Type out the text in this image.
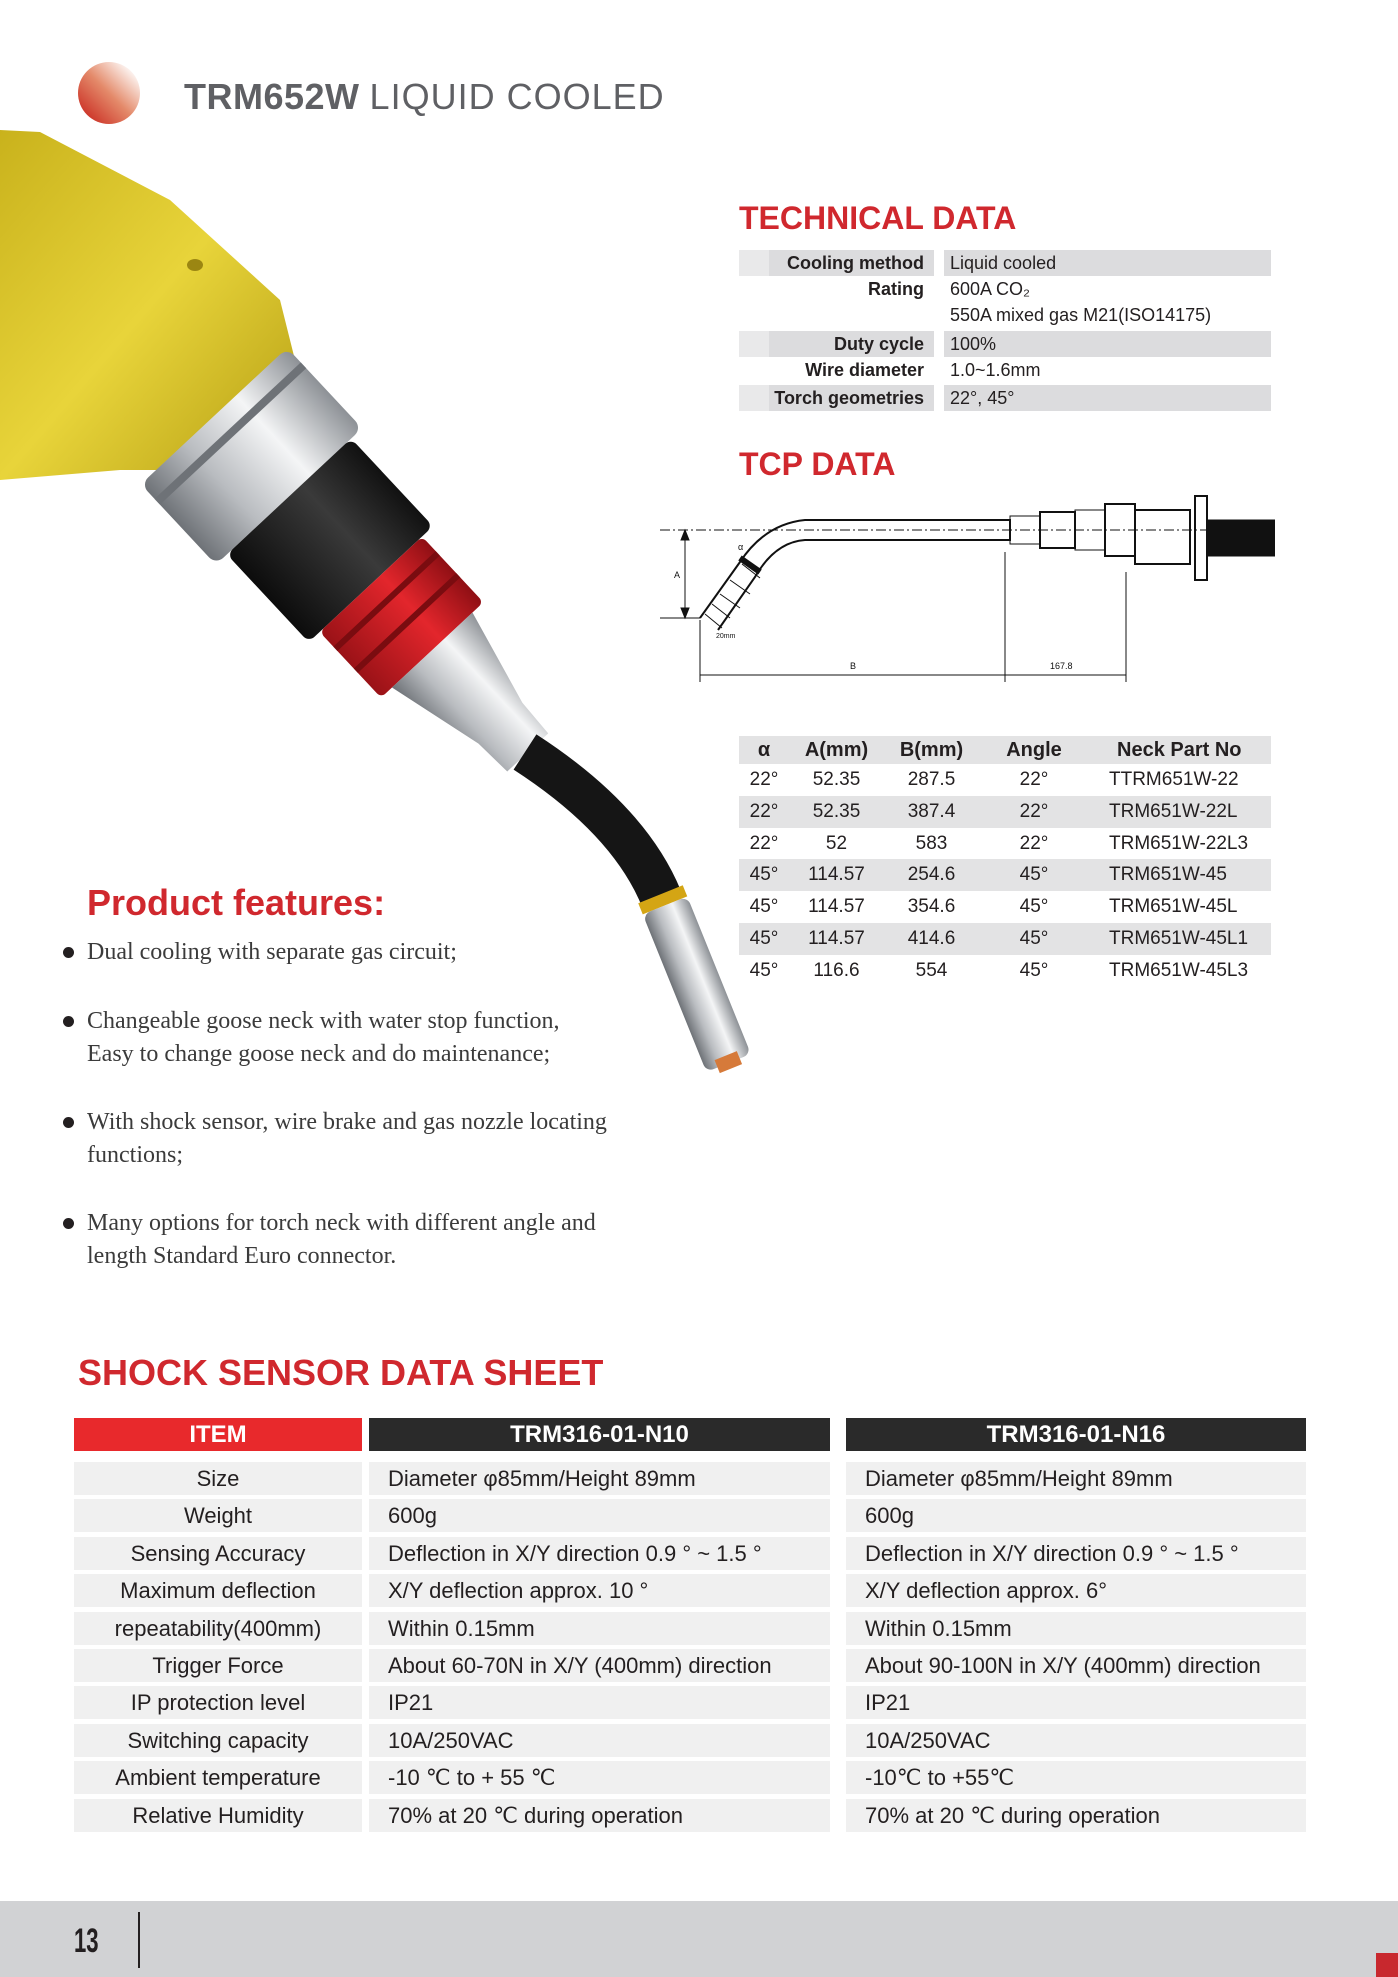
TRM652W LIQUID COOLED
TECHNICAL DATA
Cooling method	Liquid cooled
Rating	600A CO₂
550A mixed gas M21(ISO14175)
Duty cycle	100%
Wire diameter	1.0~1.6mm
Torch geometries	22°, 45°
TCP DATA
A
α
20mm
B	167.8
α	A(mm)	B(mm)	Angle	Neck Part No
22°	52.35	287.5	22°	TTRM651W-22
22°	52.35	387.4	22°	TRM651W-22L
22°	52	583	22°	TRM651W-22L3
45°	114.57	254.6	45°	TRM651W-45
45°	114.57	354.6	45°	TRM651W-45L
45°	114.57	414.6	45°	TRM651W-45L1
45°	116.6	554	45°	TRM651W-45L3
Product features:
Dual cooling with separate gas circuit;
Changeable goose neck with water stop function,
Easy to change goose neck and do maintenance;
With shock sensor, wire brake and gas nozzle locating
functions;
Many options for torch neck with different angle and
length Standard Euro connector.
SHOCK SENSOR DATA SHEET
ITEM	TRM316-01-N10	TRM316-01-N16
Size	Diameter φ85mm/Height 89mm	Diameter φ85mm/Height 89mm
Weight	600g	600g
Sensing Accuracy	Deflection in X/Y direction 0.9 ° ~ 1.5 °	Deflection in X/Y direction 0.9 ° ~ 1.5 °
Maximum deflection	X/Y deflection approx. 10 °	X/Y deflection approx. 6°
repeatability(400mm)	Within 0.15mm	Within 0.15mm
Trigger Force	About 60-70N in X/Y (400mm) direction	About 90-100N in X/Y (400mm) direction
IP protection level	IP21	IP21
Switching capacity	10A/250VAC	10A/250VAC
Ambient temperature	-10 ℃ to + 55 ℃	-10℃ to +55℃
Relative Humidity	70% at 20 ℃ during operation	70% at 20 ℃ during operation
13
